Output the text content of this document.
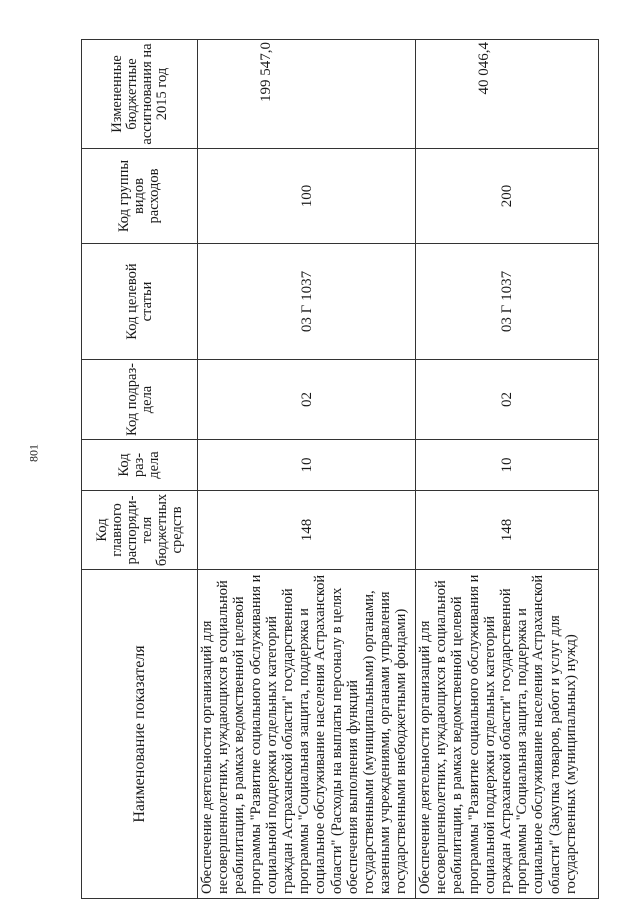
801
Наименование показателя	Код главного распоряди-теля бюджетных средств	Код раз-дела	Код подраз-дела	Код целевой статьи	Код группы видов расходов	Измененные бюджетные ассигнования на 2015 год
Обеспечение деятельности организаций для несовершеннолетних, нуждающихся в социальной реабилитации, в рамках ведомственной целевой программы "Развитие социального обслуживания и социальной поддержки отдельных категорий граждан Астраханской области" государственной программы "Социальная защита, поддержка и социальное обслуживание населения Астраханской области" (Расходы на выплаты персоналу в целях обеспечения выполнения функций государственными (муниципальными) органами, казенными учреждениями, органами управления государственными внебюджетными фондами)	148	10	02	03 Г 1037	100	199 547,0
Обеспечение деятельности организаций для несовершеннолетних, нуждающихся в социальной реабилитации, в рамках ведомственной целевой программы "Развитие социального обслуживания и социальной поддержки отдельных категорий граждан Астраханской области" государственной программы "Социальная защита, поддержка и социальное обслуживание населения Астраханской области" (Закупка товаров, работ и услуг для государственных (муниципальных) нужд)	148	10	02	03 Г 1037	200	40 046,4
